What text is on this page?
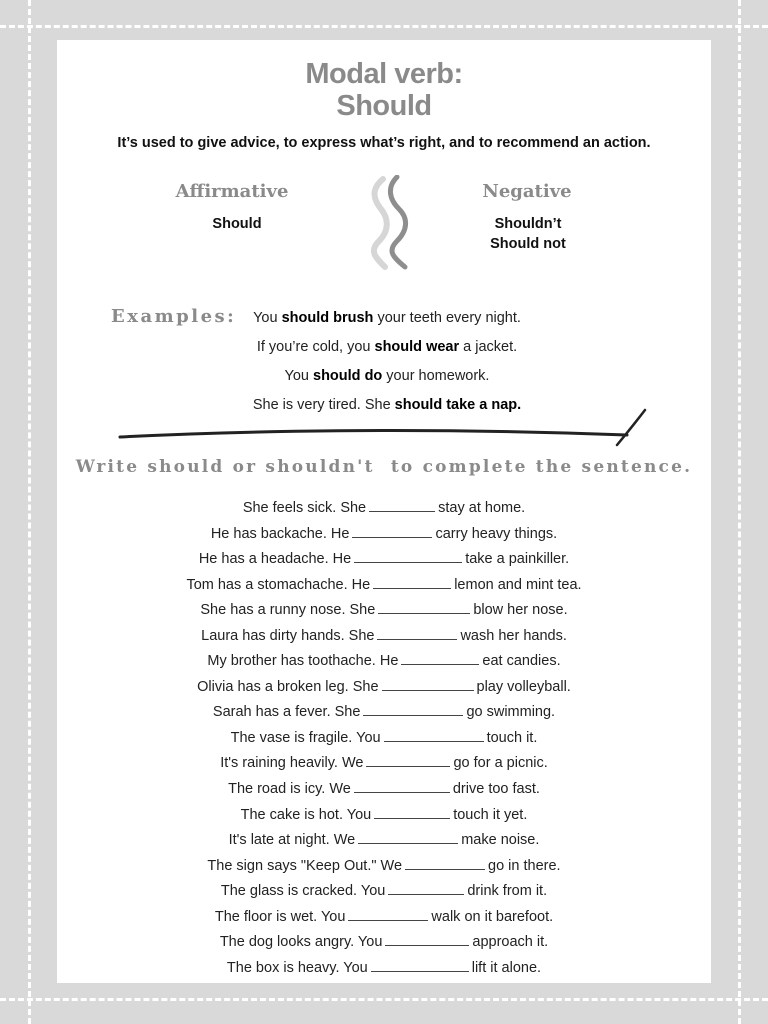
Modal verb:
Should
It’s used to give advice, to express what’s right, and to recommend an action.
Affirmative
Should
Negative
Shouldn’t
Should not
Examples:	You should brush your teeth every night.
If you’re cold, you should wear a jacket.
You should do your homework.
She is very tired. She should take a nap.
Write should or shouldn't  to complete the sentence.
She feels sick. She	stay at home.
He has backache. He	carry heavy things.
He has a headache. He	take a painkiller.
Tom has a stomachache. He	lemon and mint tea.
She has a runny nose. She	blow her nose.
Laura has dirty hands. She	wash her hands.
My brother has toothache. He	eat candies.
Olivia has a broken leg. She	play volleyball.
Sarah has a fever. She	go swimming.
The vase is fragile. You	touch it.
It's raining heavily. We	go for a picnic.
The road is icy. We	drive too fast.
The cake is hot. You	touch it yet.
It's late at night. We	make noise.
The sign says "Keep Out." We	go in there.
The glass is cracked. You	drink from it.
The floor is wet. You	walk on it barefoot.
The dog looks angry. You	approach it.
The box is heavy. You	lift it alone.
